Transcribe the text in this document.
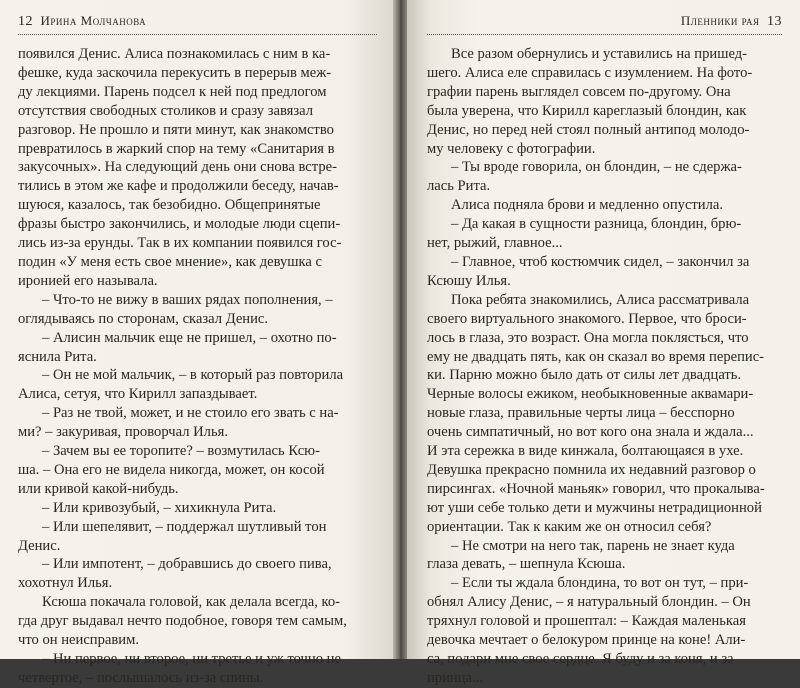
12 Ирина Молчанова
появился Денис. Алиса познакомилась с ним в ка-
фешке, куда заскочила перекусить в перерыв меж-
ду лекциями. Парень подсел к ней под предлогом
отсутствия свободных столиков и сразу завязал
разговор. Не прошло и пяти минут, как знакомство
превратилось в жаркий спор на тему «Санитария в
закусочных». На следующий день они снова встре-
тились в этом же кафе и продолжили беседу, начав-
шуюся, казалось, так безобидно. Общепринятые
фразы быстро закончились, и молодые люди сцепи-
лись из-за ерунды. Так в их компании появился гос-
подин «У меня есть свое мнение», как девушка с
иронией его называла.
– Что-то не вижу в ваших рядах пополнения, –
оглядываясь по сторонам, сказал Денис.
– Алисин мальчик еще не пришел, – охотно по-
яснила Рита.
– Он не мой мальчик, – в который раз повторила
Алиса, сетуя, что Кирилл запаздывает.
– Раз не твой, может, и не стоило его звать с на-
ми? – закуривая, проворчал Илья.
– Зачем вы ее торопите? – возмутилась Ксю-
ша. – Она его не видела никогда, может, он косой
или кривой какой-нибудь.
– Или кривозубый, – хихикнула Рита.
– Или шепелявит, – поддержал шутливый тон
Денис.
– Или импотент, – добравшись до своего пива,
хохотнул Илья.
Ксюша покачала головой, как делала всегда, ко-
гда друг выдавал нечто подобное, говоря тем самым,
что он неисправим.
– Ни первое, ни второе, ни третье и уж точно не
четвертое, – послышалось из-за спины.
Пленники рая 13
Все разом обернулись и уставились на пришед-
шего. Алиса еле справилась с изумлением. На фото-
графии парень выглядел совсем по-другому. Она
была уверена, что Кирилл кареглазый блондин, как
Денис, но перед ней стоял полный антипод молодо-
му человеку с фотографии.
– Ты вроде говорила, он блондин, – не сдержа-
лась Рита.
Алиса подняла брови и медленно опустила.
– Да какая в сущности разница, блондин, брю-
нет, рыжий, главное...
– Главное, чтоб костюмчик сидел, – закончил за
Ксюшу Илья.
Пока ребята знакомились, Алиса рассматривала
своего виртуального знакомого. Первое, что броси-
лось в глаза, это возраст. Она могла поклясться, что
ему не двадцать пять, как он сказал во время перепис-
ки. Парню можно было дать от силы лет двадцать.
Черные волосы ежиком, необыкновенные аквамари-
новые глаза, правильные черты лица – бесспорно
очень симпатичный, но вот кого она знала и ждала...
И эта сережка в виде кинжала, болтающаяся в ухе.
Девушка прекрасно помнила их недавний разговор о
пирсингах. «Ночной маньяк» говорил, что прокалыва-
ют уши себе только дети и мужчины нетрадиционной
ориентации. Так к каким же он относил себя?
– Не смотри на него так, парень не знает куда
глаза девать, – шепнула Ксюша.
– Если ты ждала блондина, то вот он тут, – при-
обнял Алису Денис, – я натуральный блондин. – Он
тряхнул головой и прошептал: – Каждая маленькая
девочка мечтает о белокуром принце на коне! Али-
са, подари мне свое сердце. Я буду и за коня, и за
принца...
